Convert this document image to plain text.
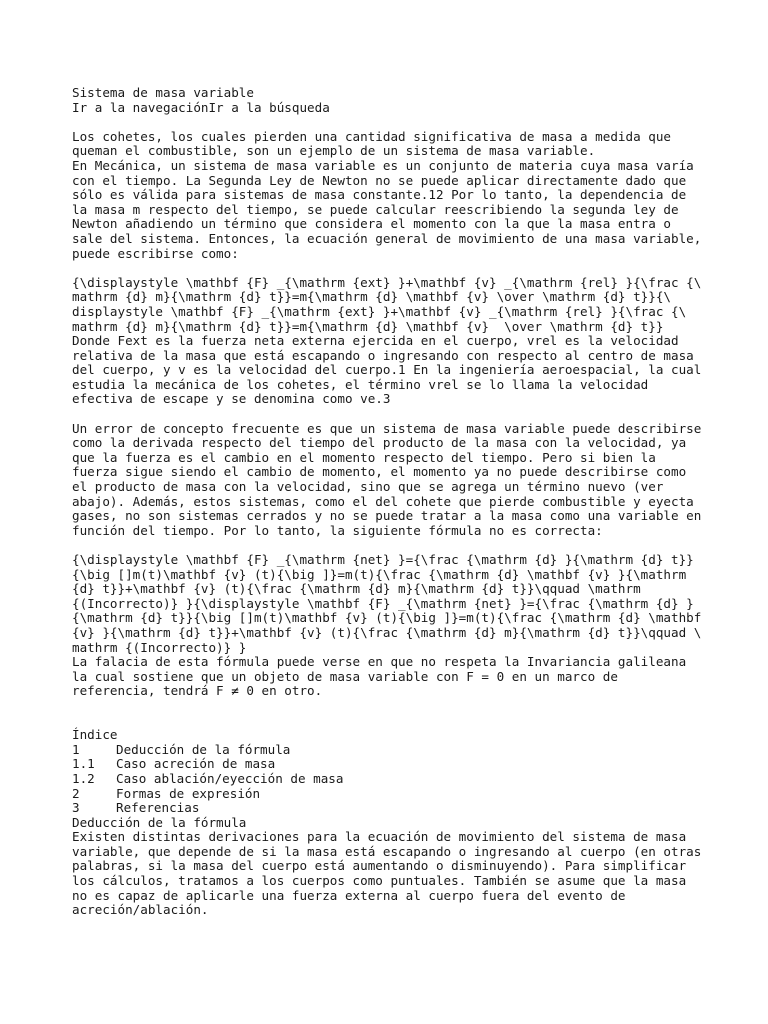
Sistema de masa variable
Ir a la navegaciónIr a la búsqueda
Los cohetes, los cuales pierden una cantidad significativa de masa a medida que
queman el combustible, son un ejemplo de un sistema de masa variable.
En Mecánica, un sistema de masa variable es un conjunto de materia cuya masa varía
con el tiempo. La Segunda Ley de Newton no se puede aplicar directamente dado que
sólo es válida para sistemas de masa constante.12 Por lo tanto, la dependencia de
la masa m respecto del tiempo, se puede calcular reescribiendo la segunda ley de
Newton añadiendo un término que considera el momento con la que la masa entra o
sale del sistema. Entonces, la ecuación general de movimiento de una masa variable,
puede escribirse como:
{\displaystyle \mathbf {F} _{\mathrm {ext} }+\mathbf {v} _{\mathrm {rel} }{\frac {\
mathrm {d} m}{\mathrm {d} t}}=m{\mathrm {d} \mathbf {v} \over \mathrm {d} t}}{\
displaystyle \mathbf {F} _{\mathrm {ext} }+\mathbf {v} _{\mathrm {rel} }{\frac {\
mathrm {d} m}{\mathrm {d} t}}=m{\mathrm {d} \mathbf {v}  \over \mathrm {d} t}}
Donde Fext es la fuerza neta externa ejercida en el cuerpo, vrel es la velocidad
relativa de la masa que está escapando o ingresando con respecto al centro de masa
del cuerpo, y v es la velocidad del cuerpo.1 En la ingeniería aeroespacial, la cual
estudia la mecánica de los cohetes, el término vrel se lo llama la velocidad
efectiva de escape y se denomina como ve.3
Un error de concepto frecuente es que un sistema de masa variable puede describirse
como la derivada respecto del tiempo del producto de la masa con la velocidad, ya
que la fuerza es el cambio en el momento respecto del tiempo. Pero si bien la
fuerza sigue siendo el cambio de momento, el momento ya no puede describirse como
el producto de masa con la velocidad, sino que se agrega un término nuevo (ver
abajo). Además, estos sistemas, como el del cohete que pierde combustible y eyecta
gases, no son sistemas cerrados y no se puede tratar a la masa como una variable en
función del tiempo. Por lo tanto, la siguiente fórmula no es correcta:
{\displaystyle \mathbf {F} _{\mathrm {net} }={\frac {\mathrm {d} }{\mathrm {d} t}}
{\big []m(t)\mathbf {v} (t){\big ]}=m(t){\frac {\mathrm {d} \mathbf {v} }{\mathrm
{d} t}}+\mathbf {v} (t){\frac {\mathrm {d} m}{\mathrm {d} t}}\qquad \mathrm
{(Incorrecto)} }{\displaystyle \mathbf {F} _{\mathrm {net} }={\frac {\mathrm {d} }
{\mathrm {d} t}}{\big []m(t)\mathbf {v} (t){\big ]}=m(t){\frac {\mathrm {d} \mathbf
{v} }{\mathrm {d} t}}+\mathbf {v} (t){\frac {\mathrm {d} m}{\mathrm {d} t}}\qquad \
mathrm {(Incorrecto)} }
La falacia de esta fórmula puede verse en que no respeta la Invariancia galileana
la cual sostiene que un objeto de masa variable con F = 0 en un marco de
referencia, tendrá F ≠ 0 en otro.
Índice
1	Deducción de la fórmula
1.1	Caso acreción de masa
1.2	Caso ablación/eyección de masa
2	Formas de expresión
3	Referencias
Deducción de la fórmula
Existen distintas derivaciones para la ecuación de movimiento del sistema de masa
variable, que depende de si la masa está escapando o ingresando al cuerpo (en otras
palabras, si la masa del cuerpo está aumentando o disminuyendo). Para simplificar
los cálculos, tratamos a los cuerpos como puntuales. También se asume que la masa
no es capaz de aplicarle una fuerza externa al cuerpo fuera del evento de
acreción/ablación.
